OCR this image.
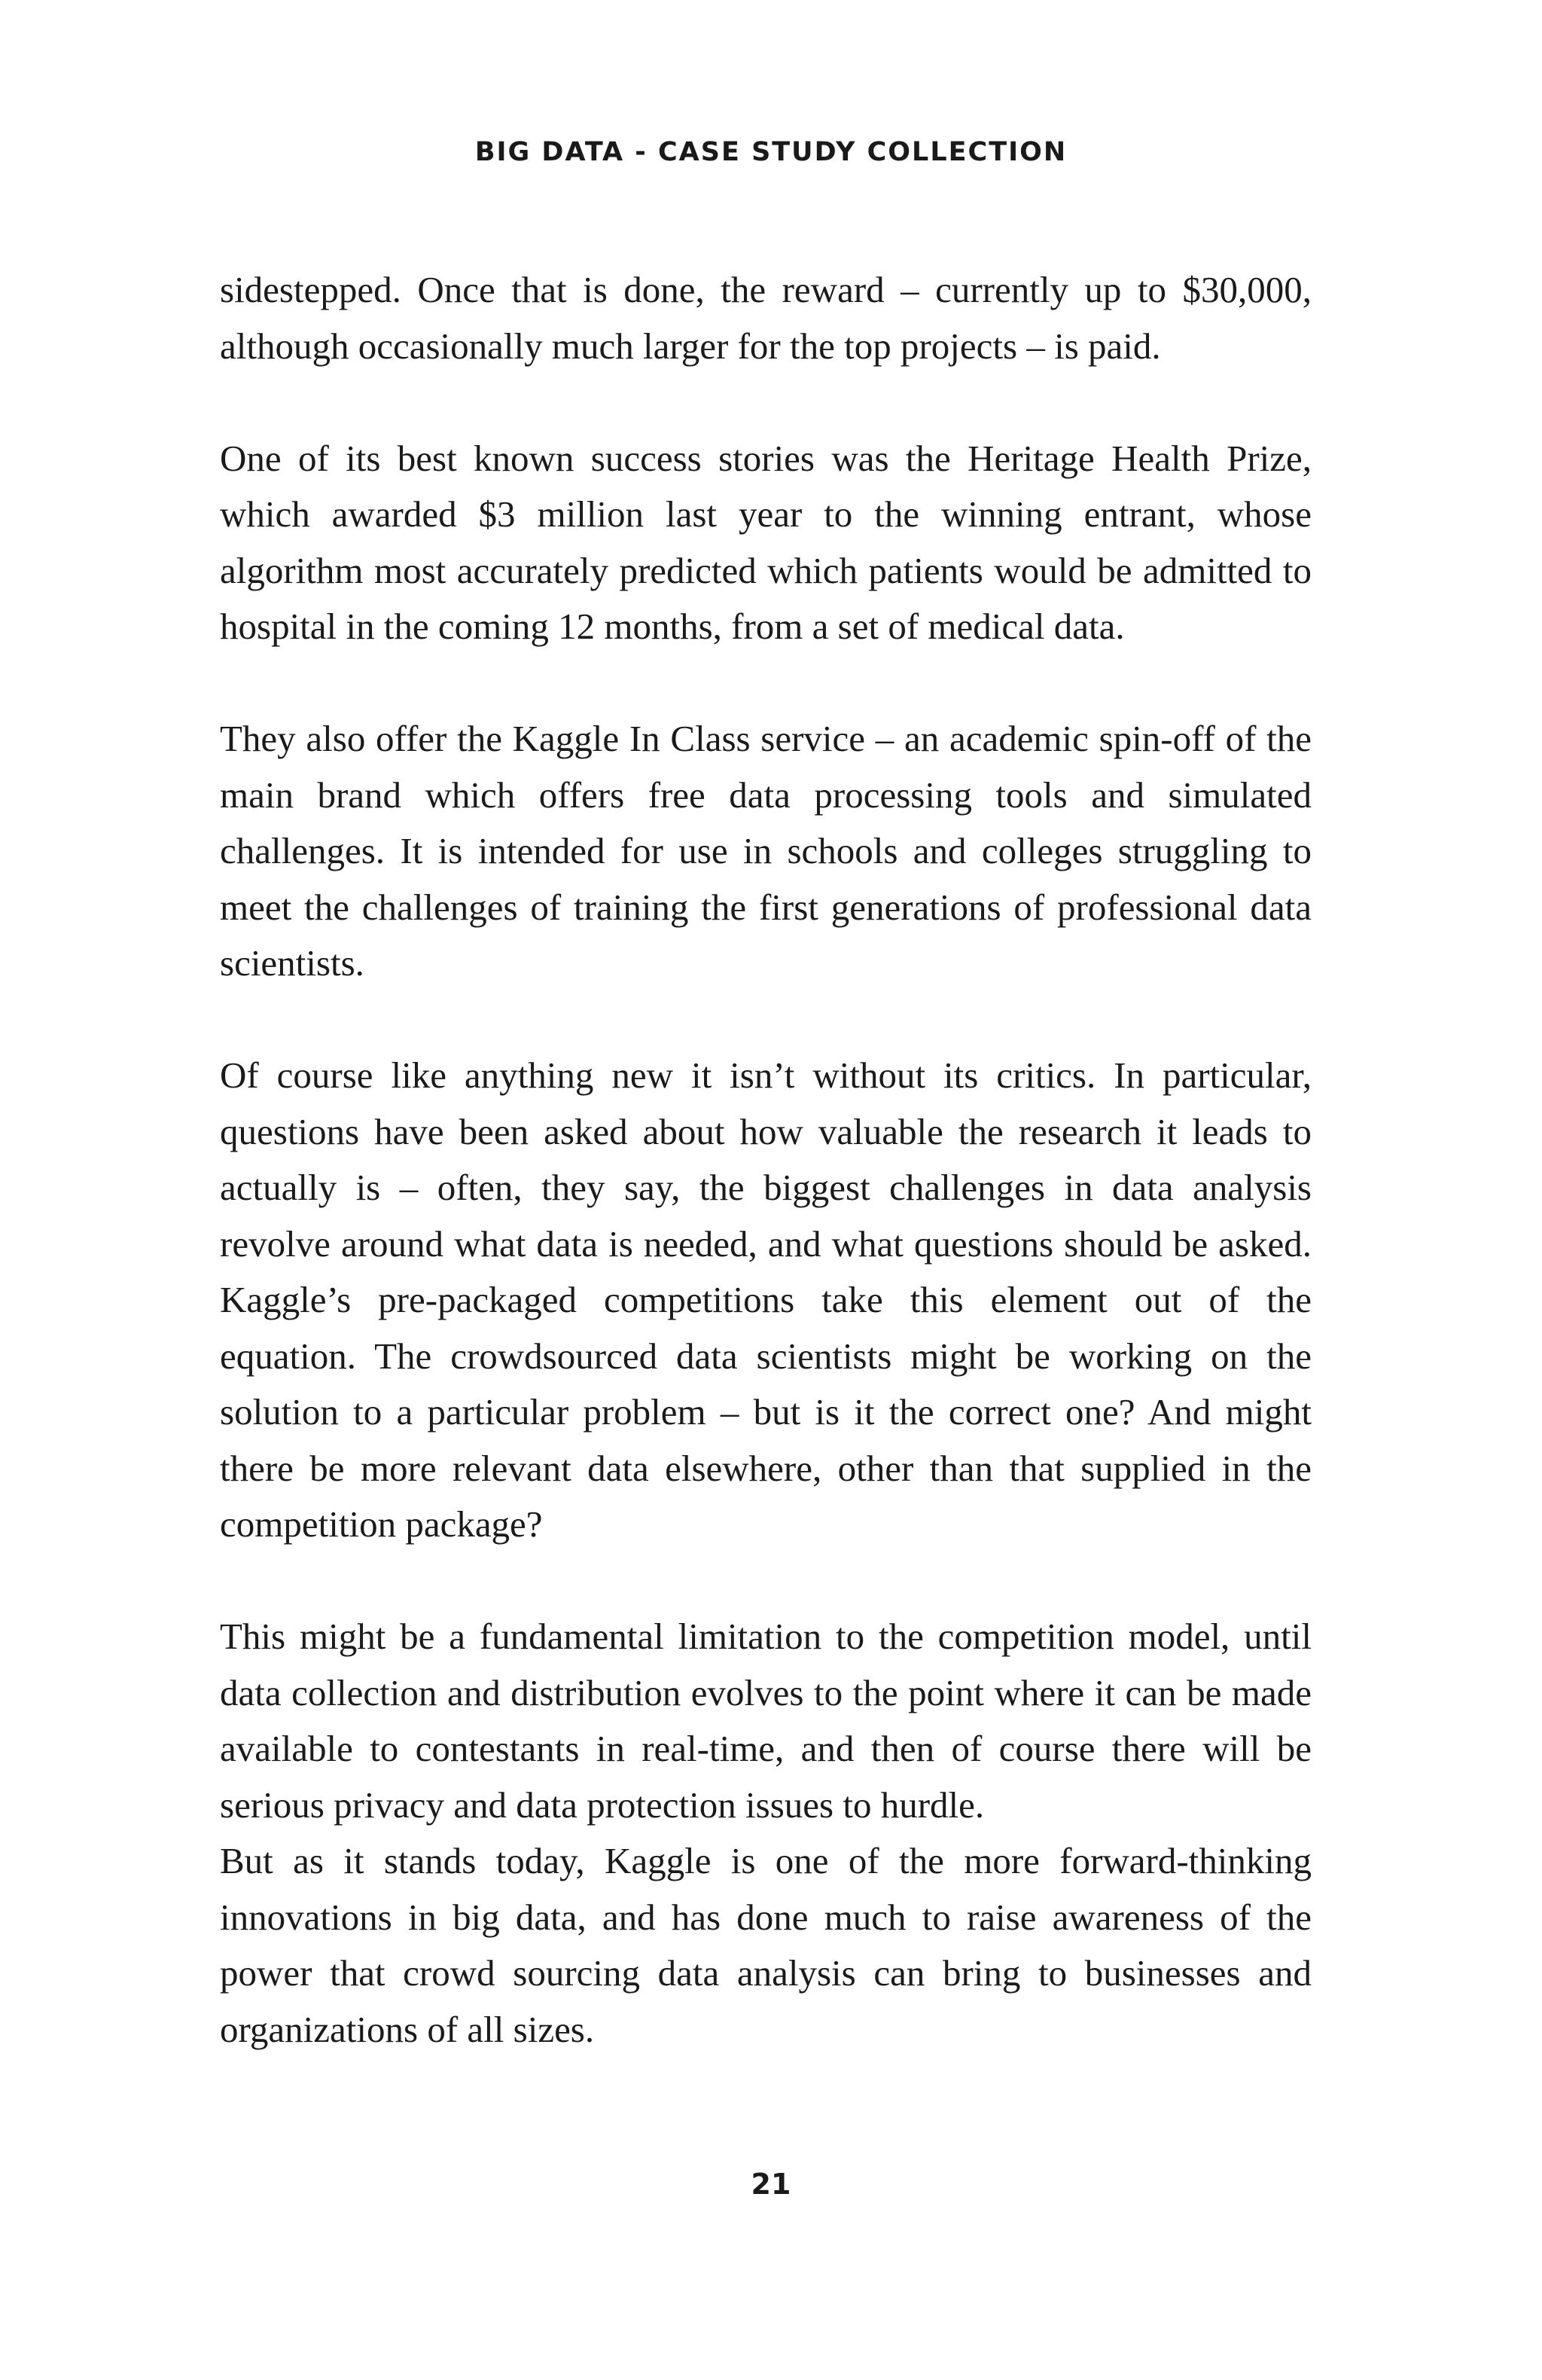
BIG DATA - CASE STUDY COLLECTION

sidestepped. Once that is done, the reward – currently up to $30,000, although occasionally much larger for the top projects – is paid.

One of its best known success stories was the Heritage Health Prize, which awarded $3 million last year to the winning entrant, whose algorithm most accurately predicted which patients would be admitted to hospital in the coming 12 months, from a set of medical data.

They also offer the Kaggle In Class service – an academic spin-off of the main brand which offers free data processing tools and simulated challenges. It is intended for use in schools and colleges struggling to meet the challenges of training the first generations of professional data scientists.

Of course like anything new it isn’t without its critics. In particular, questions have been asked about how valuable the research it leads to actually is – often, they say, the biggest challenges in data analysis revolve around what data is needed, and what questions should be asked. Kaggle’s pre-packaged competitions take this element out of the equation. The crowdsourced data scientists might be working on the solution to a particular problem – but is it the correct one? And might there be more relevant data elsewhere, other than that supplied in the competition package?

This might be a fundamental limitation to the competition model, until data collection and distribution evolves to the point where it can be made available to contestants in real-time, and then of course there will be serious privacy and data protection issues to hurdle.

But as it stands today, Kaggle is one of the more forward-thinking innovations in big data, and has done much to raise awareness of the power that crowd sourcing data analysis can bring to businesses and organizations of all sizes.

21
